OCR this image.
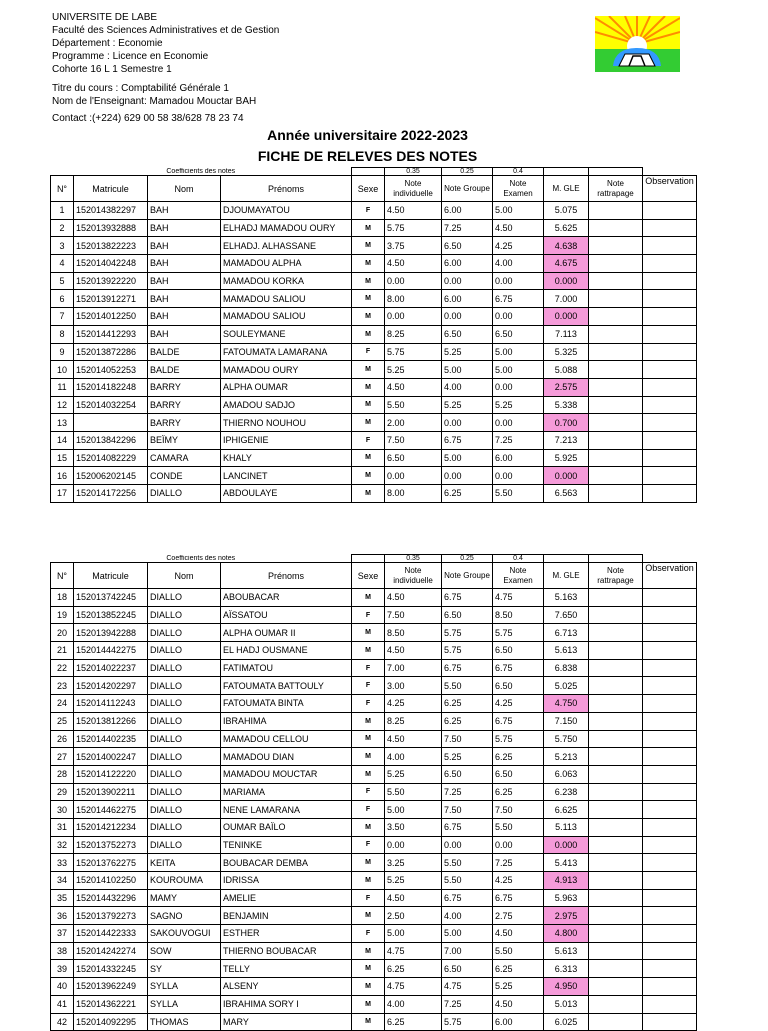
UNIVERSITE DE LABE
Faculté des Sciences Administratives et de Gestion
Département : Economie
Programme : Licence en Economie
Cohorte 16 L 1 Semestre 1
Titre du cours : Comptabilité Générale 1
Nom de l'Enseignant: Mamadou Mouctar BAH
Contact :(+224) 629 00 58 38/628 78 23 74
Année universitaire 2022-2023
FICHE DE RELEVES DES NOTES
Coefficients des notes					0.35	0.25	0.4			
N°	Matricule	Nom	Prénoms	Sexe	Note individuelle	Note Groupe	Note Examen	M. GLE	Note rattrapage	Observation
1	152014382297	BAH	DJOUMAYATOU	F	4.50	6.00	5.00	5.075		
2	152013932888	BAH	ELHADJ MAMADOU OURY	M	5.75	7.25	4.50	5.625		
3	152013822223	BAH	ELHADJ. ALHASSANE	M	3.75	6.50	4.25	4.638		
4	152014042248	BAH	MAMADOU ALPHA	M	4.50	6.00	4.00	4.675		
5	152013922220	BAH	MAMADOU KORKA	M	0.00	0.00	0.00	0.000		
6	152013912271	BAH	MAMADOU SALIOU	M	8.00	6.00	6.75	7.000		
7	152014012250	BAH	MAMADOU SALIOU	M	0.00	0.00	0.00	0.000		
8	152014412293	BAH	SOULEYMANE	M	8.25	6.50	6.50	7.113		
9	152013872286	BALDE	FATOUMATA LAMARANA	F	5.75	5.25	5.00	5.325		
10	152014052253	BALDE	MAMADOU OURY	M	5.25	5.00	5.00	5.088		
11	152014182248	BARRY	ALPHA OUMAR	M	4.50	4.00	0.00	2.575		
12	152014032254	BARRY	AMADOU SADJO	M	5.50	5.25	5.25	5.338		
13		BARRY	THIERNO NOUHOU	M	2.00	0.00	0.00	0.700		
14	152013842296	BEÏMY	IPHIGENIE	F	7.50	6.75	7.25	7.213		
15	152014082229	CAMARA	KHALY	M	6.50	5.00	6.00	5.925		
16	152006202145	CONDE	LANCINET	M	0.00	0.00	0.00	0.000		
17	152014172256	DIALLO	ABDOULAYE	M	8.00	6.25	5.50	6.563		
Coefficients des notes					0.35	0.25	0.4			
N°	Matricule	Nom	Prénoms	Sexe	Note individuelle	Note Groupe	Note Examen	M. GLE	Note rattrapage	Observation
18	152013742245	DIALLO	ABOUBACAR	M	4.50	6.75	4.75	5.163		
19	152013852245	DIALLO	AÏSSATOU	F	7.50	6.50	8.50	7.650		
20	152013942288	DIALLO	ALPHA OUMAR II	M	8.50	5.75	5.75	6.713		
21	152014442275	DIALLO	EL HADJ OUSMANE	M	4.50	5.75	6.50	5.613		
22	152014022237	DIALLO	FATIMATOU	F	7.00	6.75	6.75	6.838		
23	152014202297	DIALLO	FATOUMATA BATTOULY	F	3.00	5.50	6.50	5.025		
24	152014112243	DIALLO	FATOUMATA BINTA	F	4.25	6.25	4.25	4.750		
25	152013812266	DIALLO	IBRAHIMA	M	8.25	6.25	6.75	7.150		
26	152014402235	DIALLO	MAMADOU CELLOU	M	4.50	7.50	5.75	5.750		
27	152014002247	DIALLO	MAMADOU DIAN	M	4.00	5.25	6.25	5.213		
28	152014122220	DIALLO	MAMADOU MOUCTAR	M	5.25	6.50	6.50	6.063		
29	152013902211	DIALLO	MARIAMA	F	5.50	7.25	6.25	6.238		
30	152014462275	DIALLO	NENE LAMARANA	F	5.00	7.50	7.50	6.625		
31	152014212234	DIALLO	OUMAR BAÏLO	M	3.50	6.75	5.50	5.113		
32	152013752273	DIALLO	TENINKE	F	0.00	0.00	0.00	0.000		
33	152013762275	KEITA	BOUBACAR DEMBA	M	3.25	5.50	7.25	5.413		
34	152014102250	KOUROUMA	IDRISSA	M	5.25	5.50	4.25	4.913		
35	152014432296	MAMY	AMELIE	F	4.50	6.75	6.75	5.963		
36	152013792273	SAGNO	BENJAMIN	M	2.50	4.00	2.75	2.975		
37	152014422333	SAKOUVOGUI	ESTHER	F	5.00	5.00	4.50	4.800		
38	152014242274	SOW	THIERNO BOUBACAR	M	4.75	7.00	5.50	5.613		
39	152014332245	SY	TELLY	M	6.25	6.50	6.25	6.313		
40	152013962249	SYLLA	ALSENY	M	4.75	4.75	5.25	4.950		
41	152014362221	SYLLA	IBRAHIMA SORY I	M	4.00	7.25	4.50	5.013		
42	152014092295	THOMAS	MARY	M	6.25	5.75	6.00	6.025		
